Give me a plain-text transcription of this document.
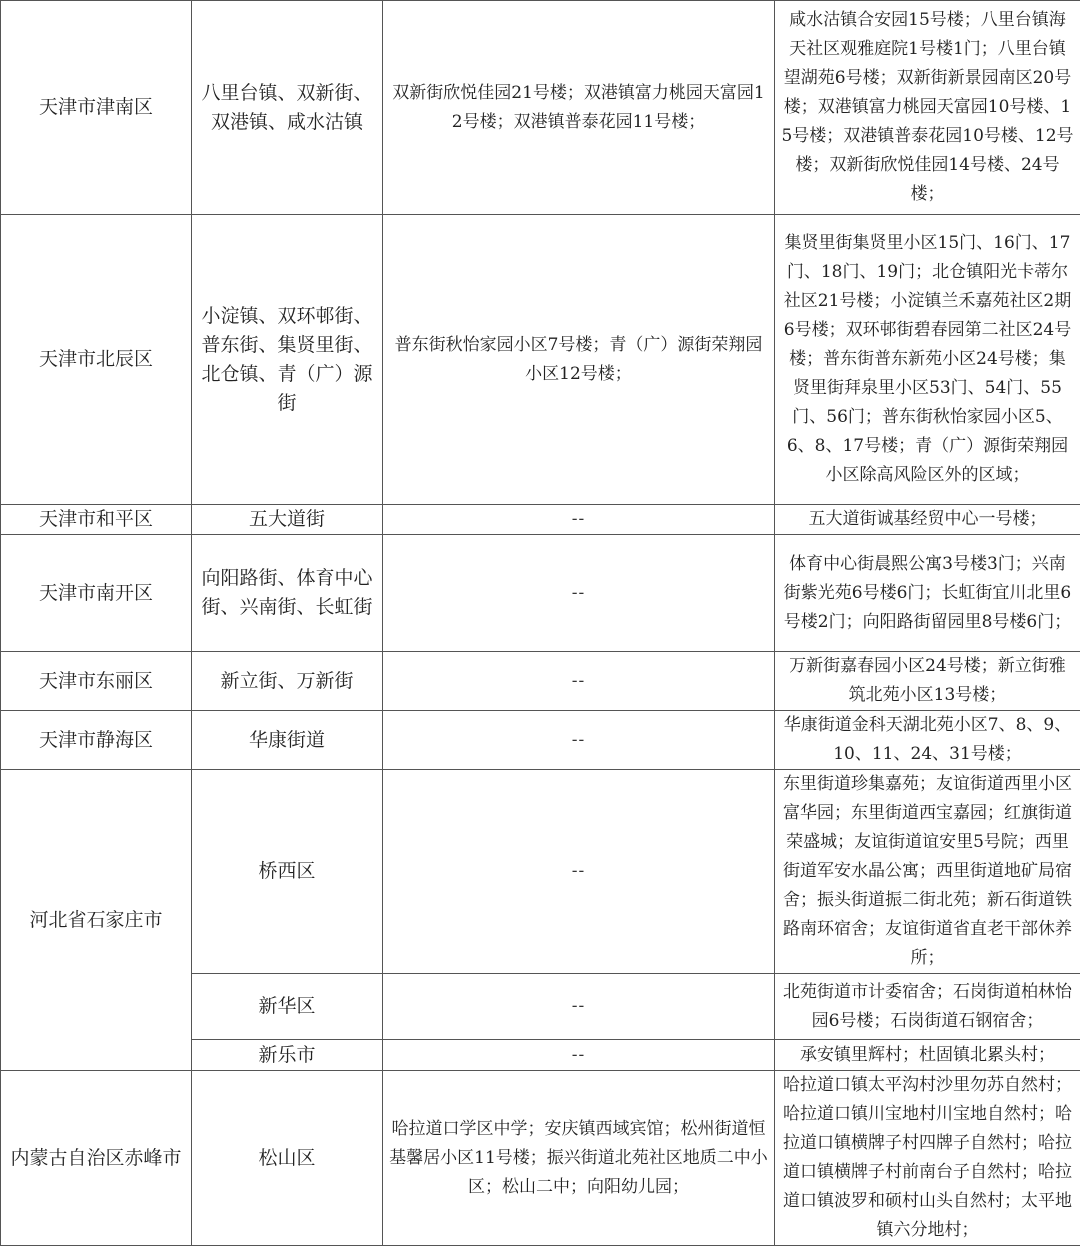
天津市津南区	八里台镇、双新街、双港镇、咸水沽镇	双新街欣悦佳园21号楼；双港镇富力桃园天富园12号楼；双港镇普泰花园11号楼；	咸水沽镇合安园15号楼；八里台镇海天社区观雅庭院1号楼1门；八里台镇望湖苑6号楼；双新街新景园南区20号楼；双港镇富力桃园天富园10号楼、15号楼；双港镇普泰花园10号楼、12号楼；双新街欣悦佳园14号楼、24号楼；
天津市北辰区	小淀镇、双环邨街、普东街、集贤里街、北仓镇、青（广）源街	普东街秋怡家园小区7号楼；青（广）源街荣翔园小区12号楼；	集贤里街集贤里小区15门、16门、17门、18门、19门；北仓镇阳光卡蒂尔社区21号楼；小淀镇兰禾嘉苑社区2期6号楼；双环邨街碧春园第二社区24号楼；普东街普东新苑小区24号楼；集贤里街拜泉里小区53门、54门、55门、56门；普东街秋怡家园小区5、6、8、17号楼；青（广）源街荣翔园小区除高风险区外的区域；
天津市和平区	五大道街	--	五大道街诚基经贸中心一号楼；
天津市南开区	向阳路街、体育中心街、兴南街、长虹街	--	体育中心街晨熙公寓3号楼3门；兴南街紫光苑6号楼6门；长虹街宜川北里6号楼2门；向阳路街留园里8号楼6门；
天津市东丽区	新立街、万新街	--	万新街嘉春园小区24号楼；新立街雅筑北苑小区13号楼；
天津市静海区	华康街道	--	华康街道金科天湖北苑小区7、8、9、10、11、24、31号楼；
河北省石家庄市	桥西区	--	东里街道珍集嘉苑；友谊街道西里小区富华园；东里街道西宝嘉园；红旗街道荣盛城；友谊街道谊安里5号院；西里街道军安水晶公寓；西里街道地矿局宿舍；振头街道振二街北苑；新石街道铁路南环宿舍；友谊街道省直老干部休养所；
	新华区	--	北苑街道市计委宿舍；石岗街道柏林怡园6号楼；石岗街道石钢宿舍；
	新乐市	--	承安镇里辉村；杜固镇北累头村；
内蒙古自治区赤峰市	松山区	哈拉道口学区中学；安庆镇西域宾馆；松州街道恒基馨居小区11号楼；振兴街道北苑社区地质二中小区；松山二中；向阳幼儿园；	哈拉道口镇太平沟村沙里勿苏自然村；哈拉道口镇川宝地村川宝地自然村；哈拉道口镇横牌子村四牌子自然村；哈拉道口镇横牌子村前南台子自然村；哈拉道口镇波罗和硕村山头自然村；太平地镇六分地村；
